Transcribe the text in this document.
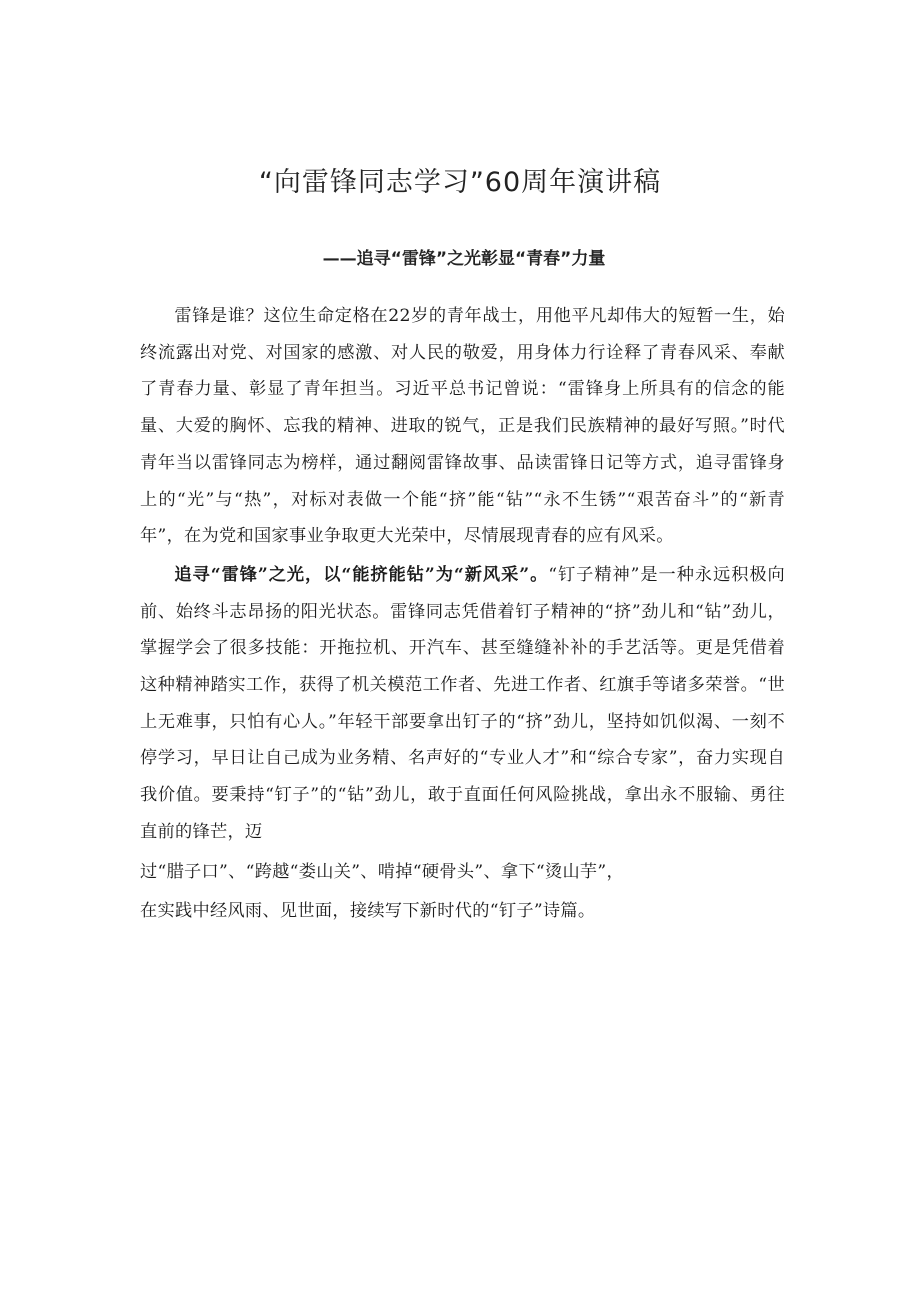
“向雷锋同志学习”60周年演讲稿
——追寻“雷锋”之光彰显“青春”力量

雷锋是谁？这位生命定格在22岁的青年战士，用他平凡却伟大的短暂一生，始终流露出对党、对国家的感激、对人民的敬爱，用身体力行诠释了青春风采、奉献了青春力量、彰显了青年担当。习近平总书记曾说：“雷锋身上所具有的信念的能量、大爱的胸怀、忘我的精神、进取的锐气，正是我们民族精神的最好写照。”时代青年当以雷锋同志为榜样，通过翻阅雷锋故事、品读雷锋日记等方式，追寻雷锋身上的“光”与“热”，对标对表做一个能“挤”能“钻”“永不生锈”“艰苦奋斗”的“新青年”，在为党和国家事业争取更大光荣中，尽情展现青春的应有风采。

追寻“雷锋”之光，以“能挤能钻”为“新风采”。“钉子精神”是一种永远积极向前、始终斗志昂扬的阳光状态。雷锋同志凭借着钉子精神的“挤”劲儿和“钻”劲儿，掌握学会了很多技能：开拖拉机、开汽车、甚至缝缝补补的手艺活等。更是凭借着这种精神踏实工作，获得了机关模范工作者、先进工作者、红旗手等诸多荣誉。“世上无难事，只怕有心人。”年轻干部要拿出钉子的“挤”劲儿，坚持如饥似渴、一刻不停学习，早日让自己成为业务精、名声好的“专业人才”和“综合专家”，奋力实现自我价值。要秉持“钉子”的“钻”劲儿，敢于直面任何风险挑战，拿出永不服输、勇往直前的锋芒，迈

过“腊子口”、“跨越“娄山关”、啃掉“硬骨头”、拿下“烫山芋”，
在实践中经风雨、见世面，接续写下新时代的“钉子”诗篇。
